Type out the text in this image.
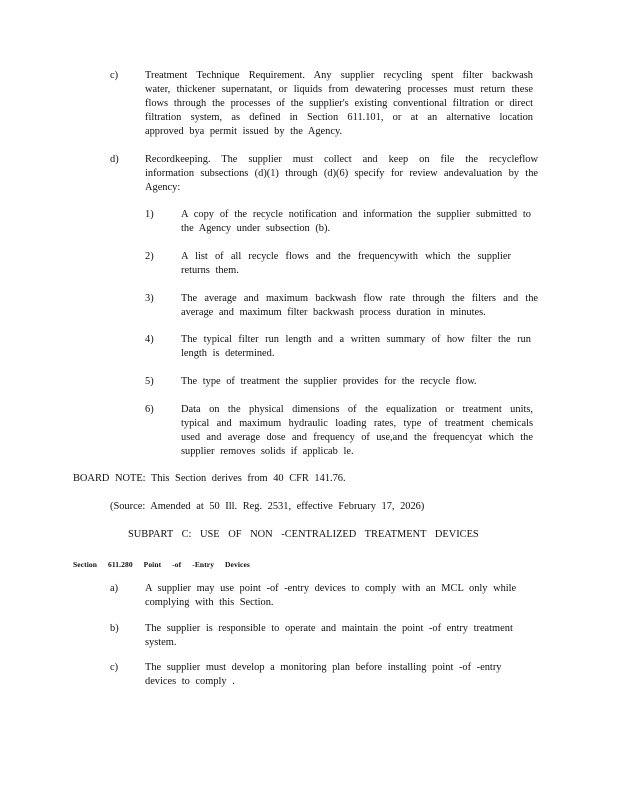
c)	Treatment Technique Requirement. Any supplier recycling spent filter backwash water, thickener supernatant, or liquids from dewatering processes must return these flows through the processes of the supplier's existing conventional filtration or direct filtration system, as defined in Section 611.101, or at an alternative location approved bya permit issued by the Agency.
d)	Recordkeeping. The supplier must collect and keep on file the recycleflow information subsections (d)(1) through (d)(6) specify for review andevaluation by the Agency:
1)	A copy of the recycle notification and information the supplier submitted to the Agency under subsection (b).
2)	A list of all recycle flows and the frequencywith which the supplier returns them.
3)	The average and maximum backwash flow rate through the filters and the average and maximum filter backwash process duration in minutes.
4)	The typical filter run length and a written summary of how filter the run length is determined.
5)	The type of treatment the supplier provides for the recycle flow.
6)	Data on the physical dimensions of the equalization or treatment units, typical and maximum hydraulic loading rates, type of treatment chemicals used and average dose and frequency of use,and the frequencyat which the supplier removes solids if applicab le.
BOARD NOTE: This Section derives from 40 CFR 141.76.
(Source: Amended at 50 Ill. Reg. 2531, effective February 17, 2026)
SUBPART C: USE OF NON -CENTRALIZED TREATMENT DEVICES
Section 611.280 Point -of -Entry Devices
a)	A supplier may use point -of -entry devices to comply with an MCL only while complying with this Section.
b)	The supplier is responsible to operate and maintain the point -of entry treatment system.
c)	The supplier must develop a monitoring plan before installing point -of -entry devices to comply .
